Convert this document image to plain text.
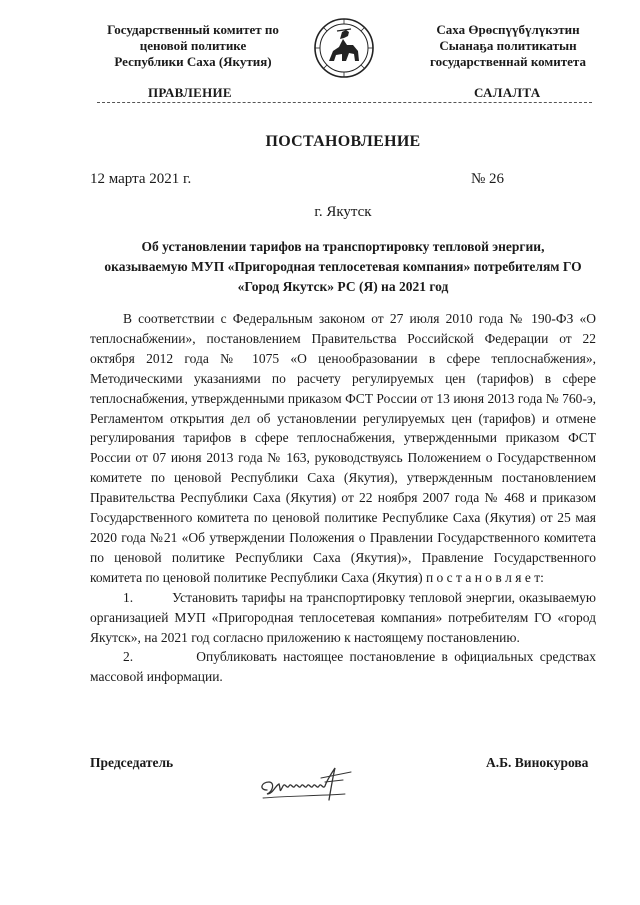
Государственный комитет по
ценовой политике
Республики Саха (Якутия)
Саха Өрөспүүбүлүкэтин
Сыанаҕа политикатын
государственнай комитета
ПРАВЛЕНИЕ	САЛАЛТА
ПОСТАНОВЛЕНИЕ
12 марта 2021 г.	№ 26
г. Якутск
Об установлении тарифов на транспортировку тепловой энергии,
оказываемую МУП «Пригородная теплосетевая компания» потребителям ГО
«Город Якутск» РС (Я) на 2021 год

В соответствии с Федеральным законом от 27 июля 2010 года № 190-ФЗ «О теплоснабжении», постановлением Правительства Российской Федерации от 22 октября 2012 года № 1075 «О ценообразовании в сфере теплоснабжения», Методическими указаниями по расчету регулируемых цен (тарифов) в сфере теплоснабжения, утвержденными приказом ФСТ России от 13 июня 2013 года № 760-э, Регламентом открытия дел об установлении регулируемых цен (тарифов) и отмене регулирования тарифов в сфере теплоснабжения, утвержденными приказом ФСТ России от 07 июня 2013 года № 163, руководствуясь Положением о Государственном комитете по ценовой Республики Саха (Якутия), утвержденным постановлением Правительства Республики Саха (Якутия) от 22 ноября 2007 года № 468 и приказом Государственного комитета по ценовой политике Республике Саха (Якутия) от 25 мая 2020 года №21 «Об утверждении Положения о Правлении Государственного комитета по ценовой политике Республики Саха (Якутия)», Правление Государственного комитета по ценовой политике Республики Саха (Якутия) п о с т а н о в л я е т:

1.	Установить тарифы на транспортировку тепловой энергии, оказываемую организацией МУП «Пригородная теплосетевая компания» потребителям ГО «город Якутск», на 2021 год согласно приложению к настоящему постановлению.

2.	Опубликовать настоящее постановление в официальных средствах массовой информации.

Председатель	А.Б. Винокурова
